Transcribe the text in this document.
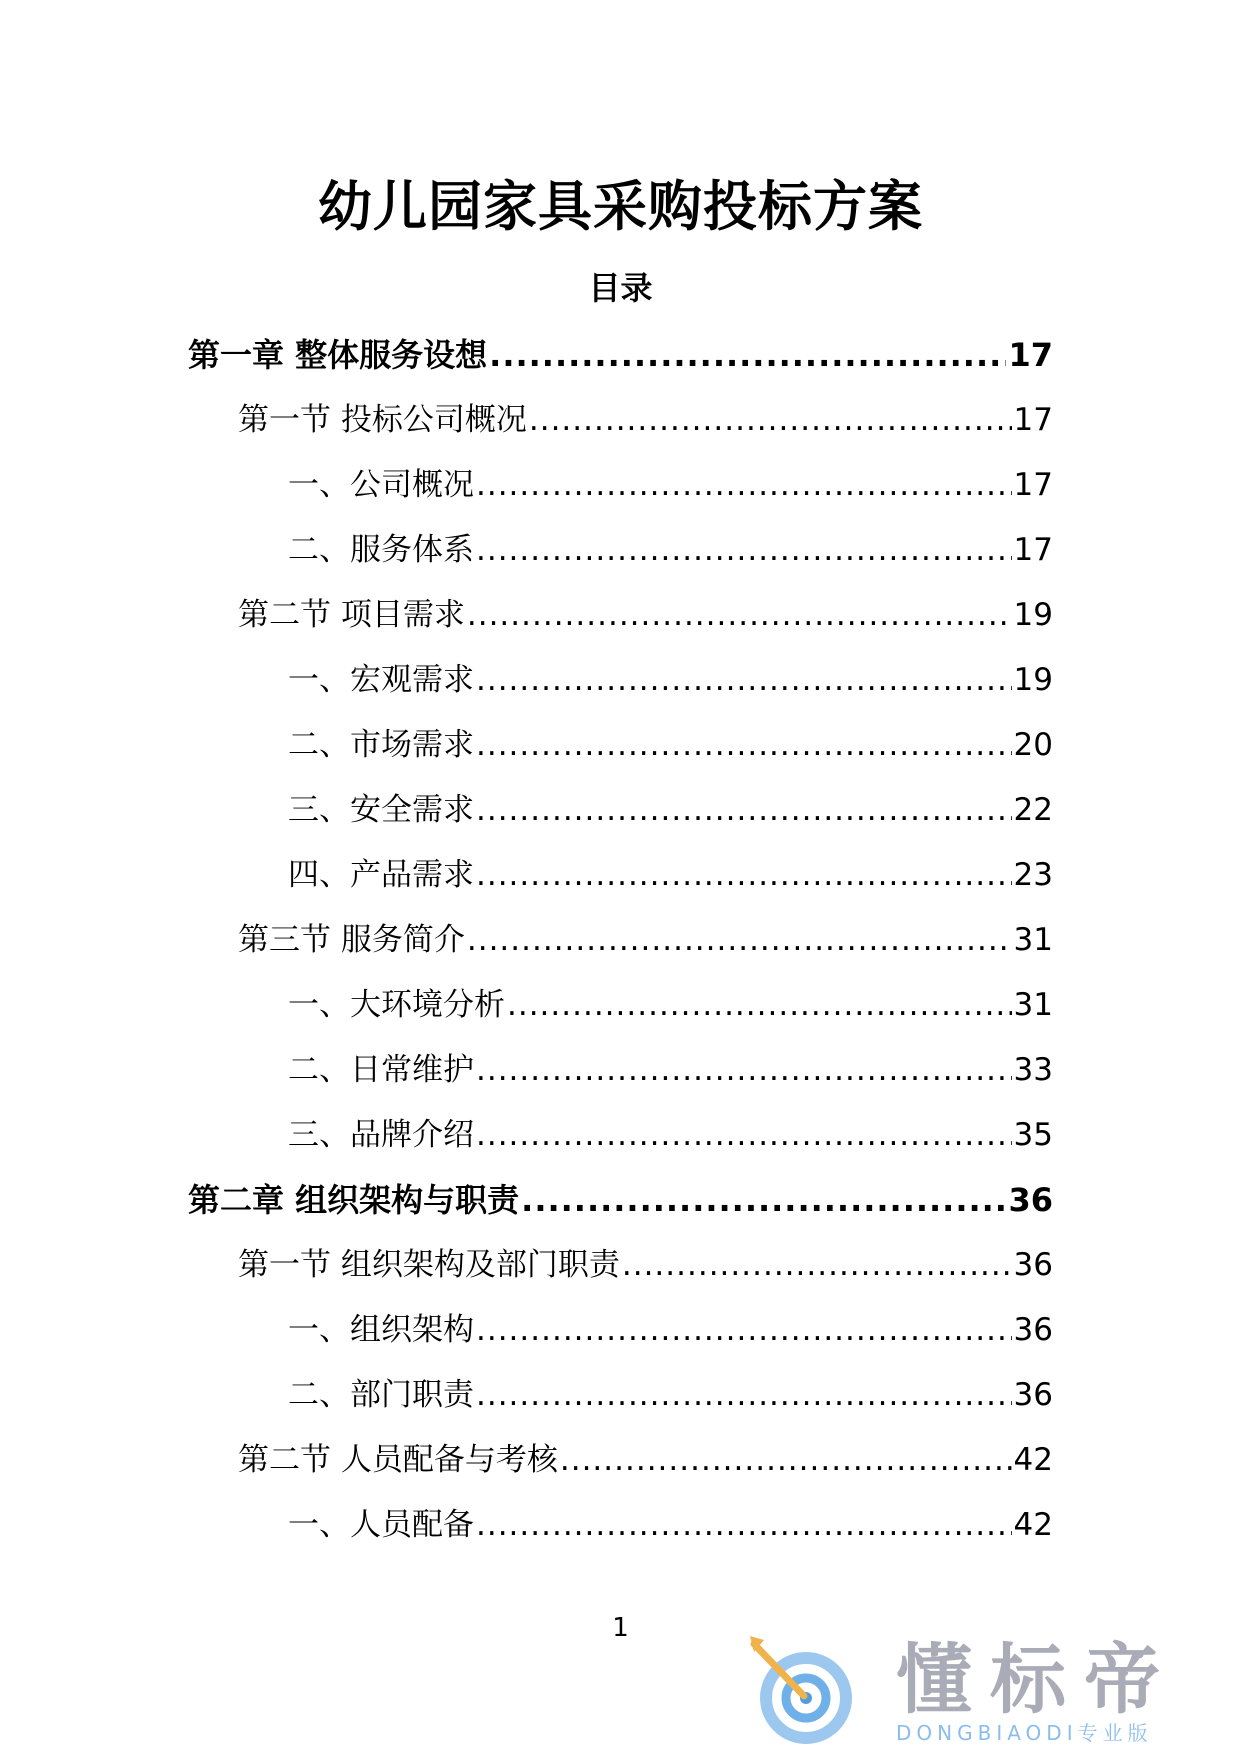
幼儿园家具采购投标方案
目录
第一章 整体服务设想 .....	17
第一节 投标公司概况 .....	17
一、公司概况 .....	17
二、服务体系 .....	17
第二节 项目需求 .....	19
一、宏观需求 .....	19
二、市场需求 .....	20
三、安全需求 .....	22
四、产品需求 .....	23
第三节 服务简介 .....	31
一、大环境分析 .....	31
二、日常维护 .....	33
三、品牌介绍 .....	35
第二章 组织架构与职责 .....	36
第一节 组织架构及部门职责 .....	36
一、组织架构 .....	36
二、部门职责 .....	36
第二节 人员配备与考核 .....	42
一、人员配备 .....	42
1
懂标帝
DONGBIAODI专业版
